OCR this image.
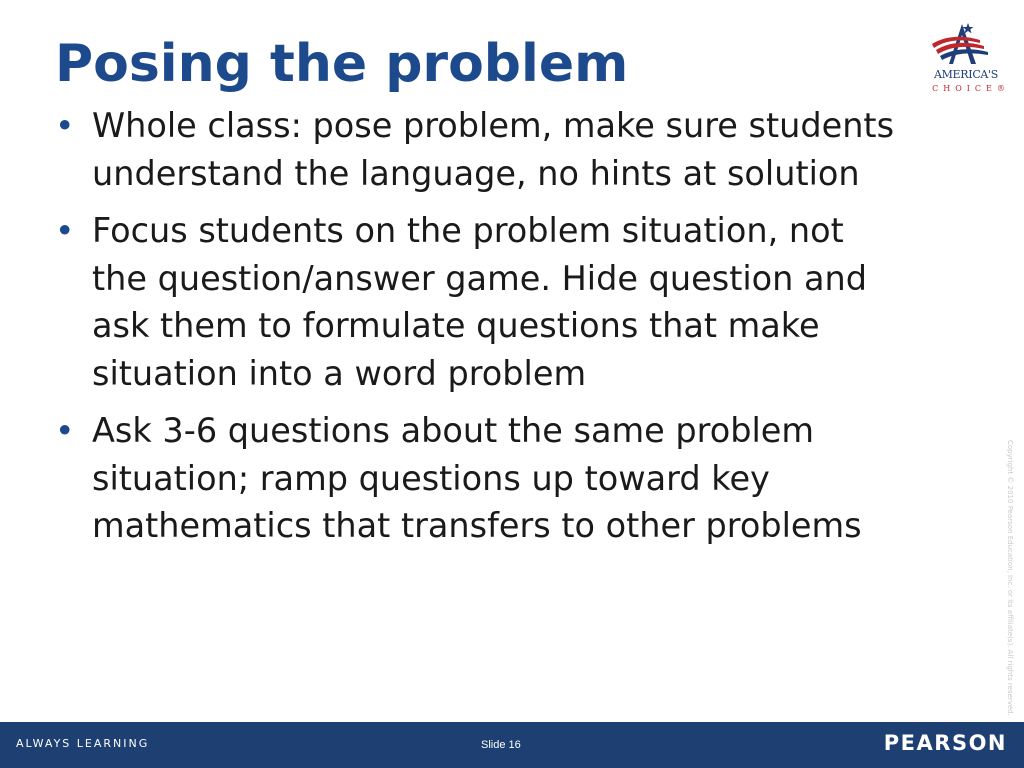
Posing the problem	AMERICA'S
CHOICE®
• Whole class: pose problem, make sure students understand the language, no hints at solution
• Focus students on the problem situation, not the question/answer game. Hide question and ask them to formulate questions that make situation into a word problem
• Ask 3-6 questions about the same problem situation; ramp questions up toward key mathematics that transfers to other problems	Copyright © 2010 Pearson Education, Inc. or its affiliate(s). All rights reserved.
ALWAYS LEARNING	Slide 16	PEARSON
